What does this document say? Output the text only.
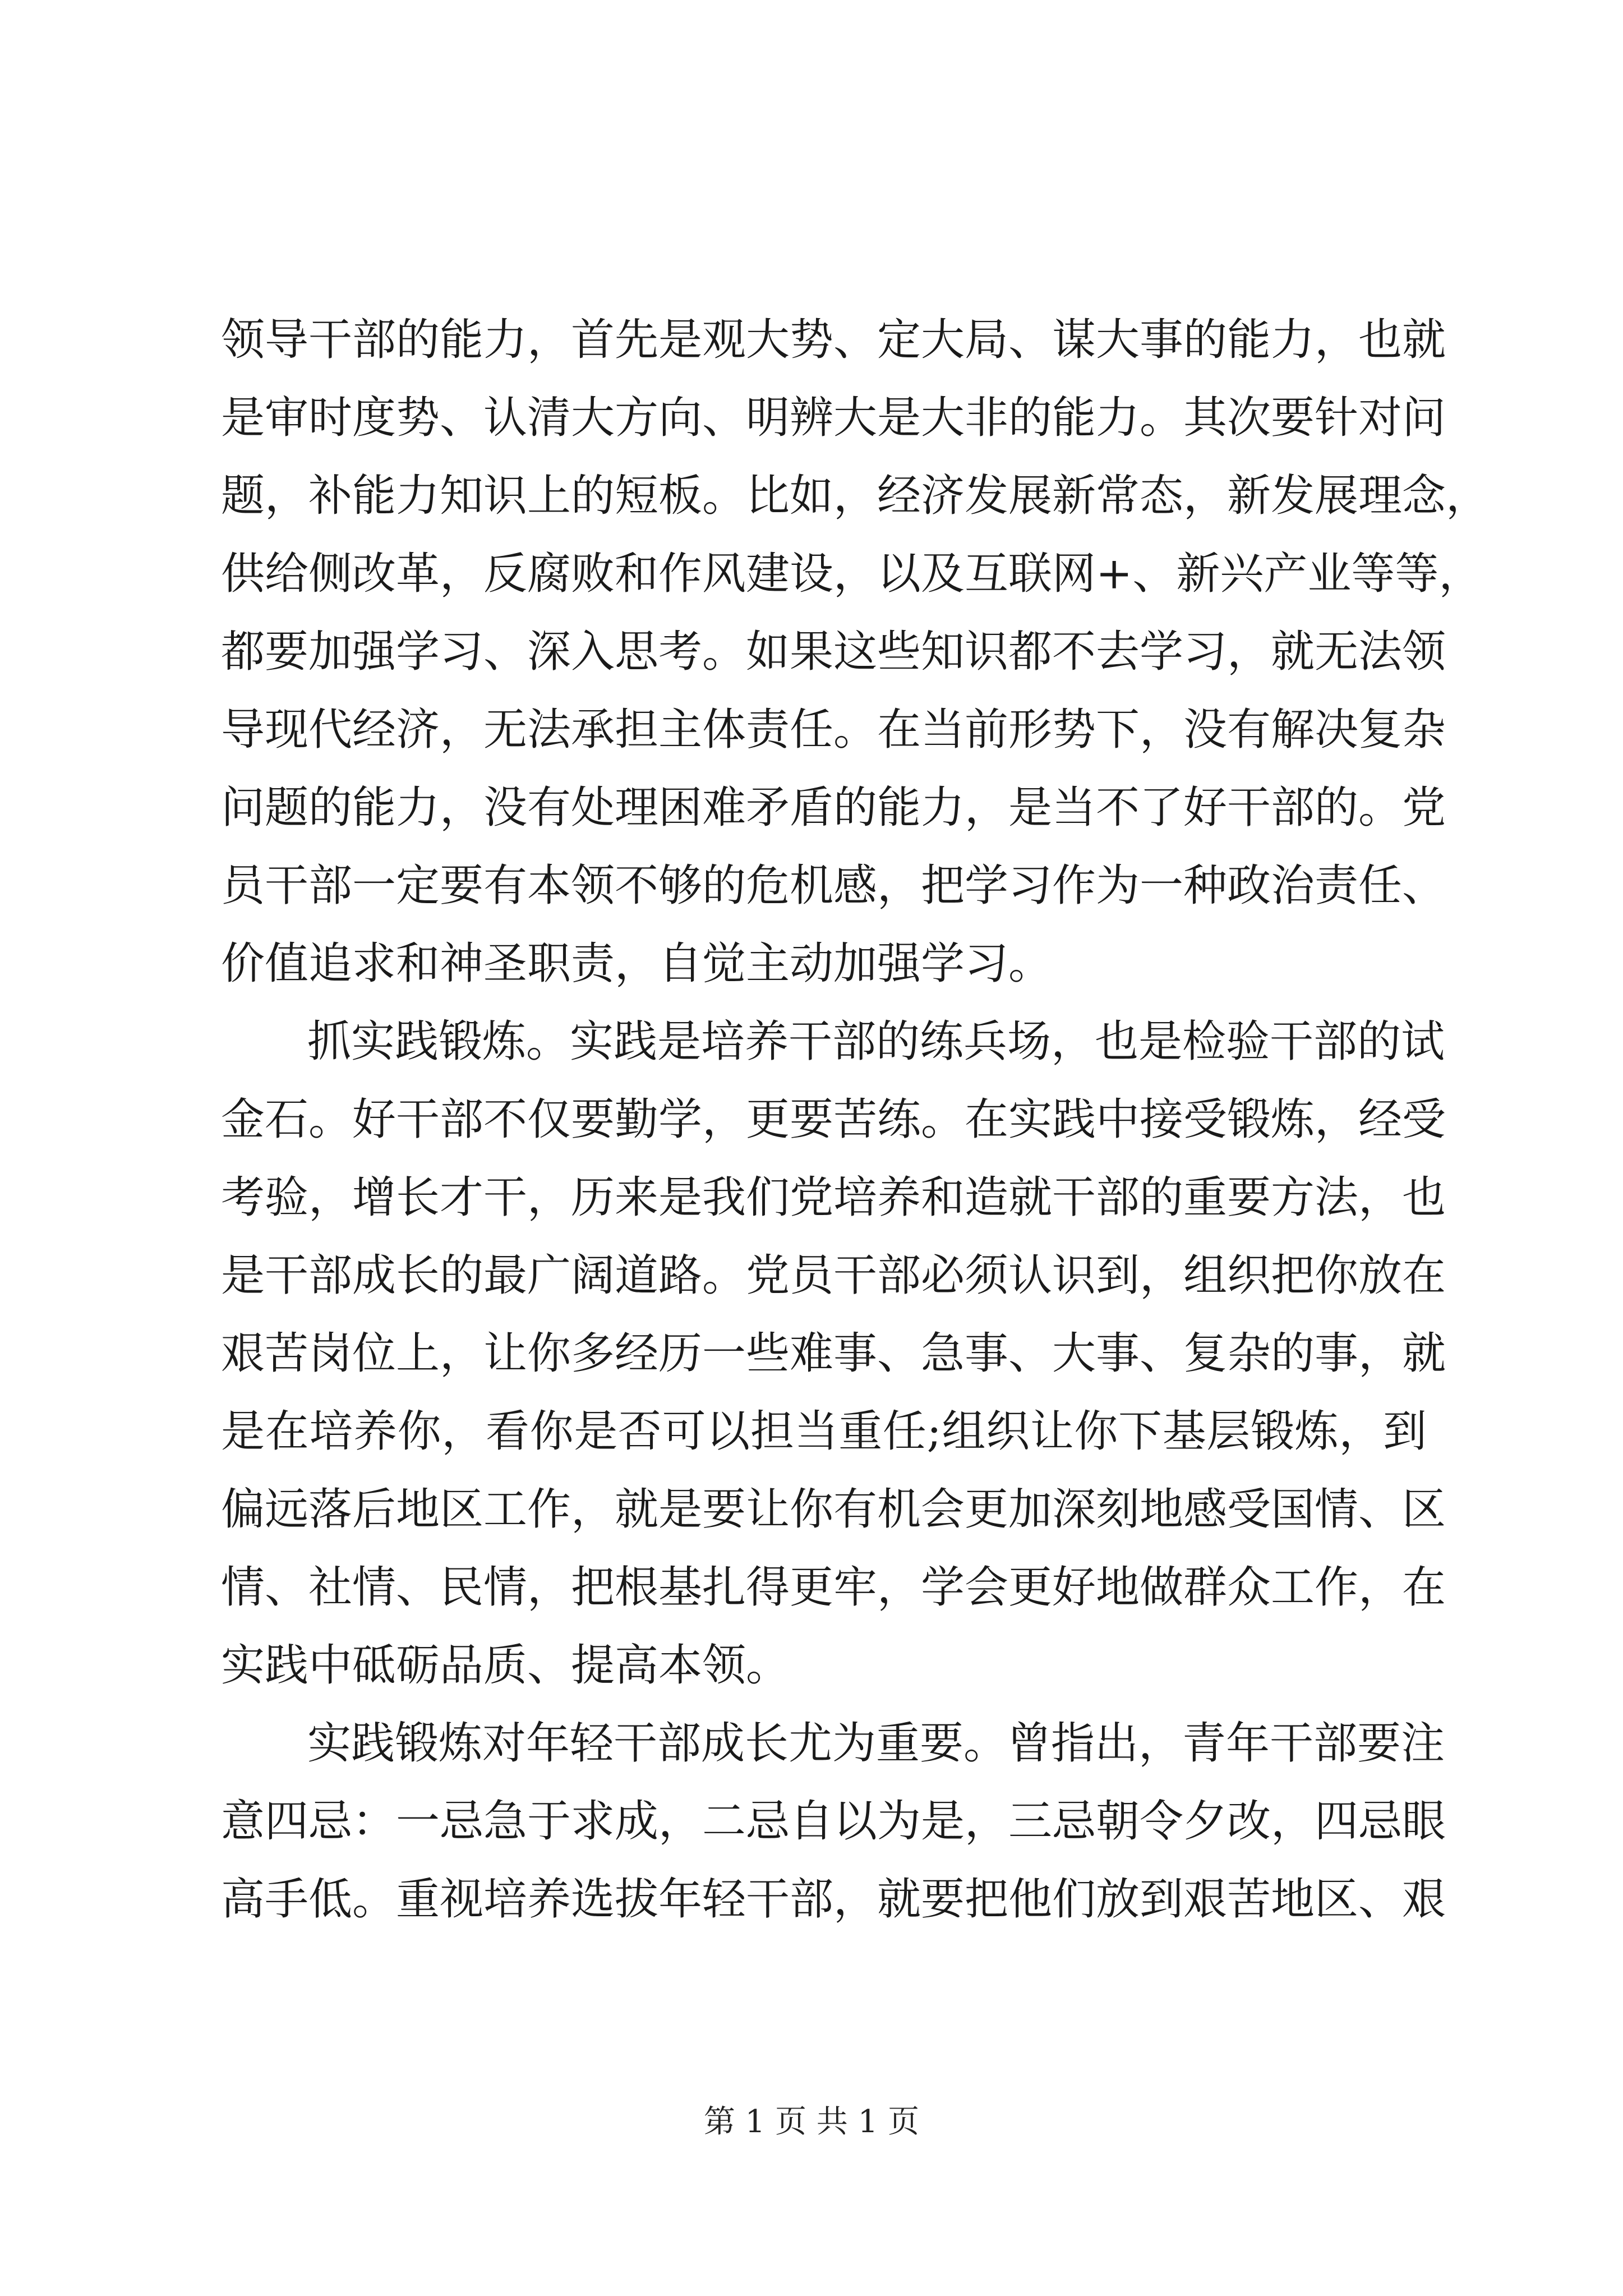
领导干部的能力，首先是观大势、定大局、谋大事的能力，也就
是审时度势、认清大方向、明辨大是大非的能力。其次要针对问
题，补能力知识上的短板。比如，经济发展新常态，新发展理念，
供给侧改革，反腐败和作风建设，以及互联网+、新兴产业等等，
都要加强学习、深入思考。如果这些知识都不去学习，就无法领
导现代经济，无法承担主体责任。在当前形势下，没有解决复杂
问题的能力，没有处理困难矛盾的能力，是当不了好干部的。党
员干部一定要有本领不够的危机感，把学习作为一种政治责任、
价值追求和神圣职责，自觉主动加强学习。
抓实践锻炼。实践是培养干部的练兵场，也是检验干部的试
金石。好干部不仅要勤学，更要苦练。在实践中接受锻炼，经受
考验，增长才干，历来是我们党培养和造就干部的重要方法，也
是干部成长的最广阔道路。党员干部必须认识到，组织把你放在
艰苦岗位上，让你多经历一些难事、急事、大事、复杂的事，就
是在培养你，看你是否可以担当重任;组织让你下基层锻炼，到
偏远落后地区工作，就是要让你有机会更加深刻地感受国情、区
情、社情、民情，把根基扎得更牢，学会更好地做群众工作，在
实践中砥砺品质、提高本领。
实践锻炼对年轻干部成长尤为重要。曾指出，青年干部要注
意四忌：一忌急于求成，二忌自以为是，三忌朝令夕改，四忌眼
高手低。重视培养选拔年轻干部，就要把他们放到艰苦地区、艰
第 1 页 共 1 页
